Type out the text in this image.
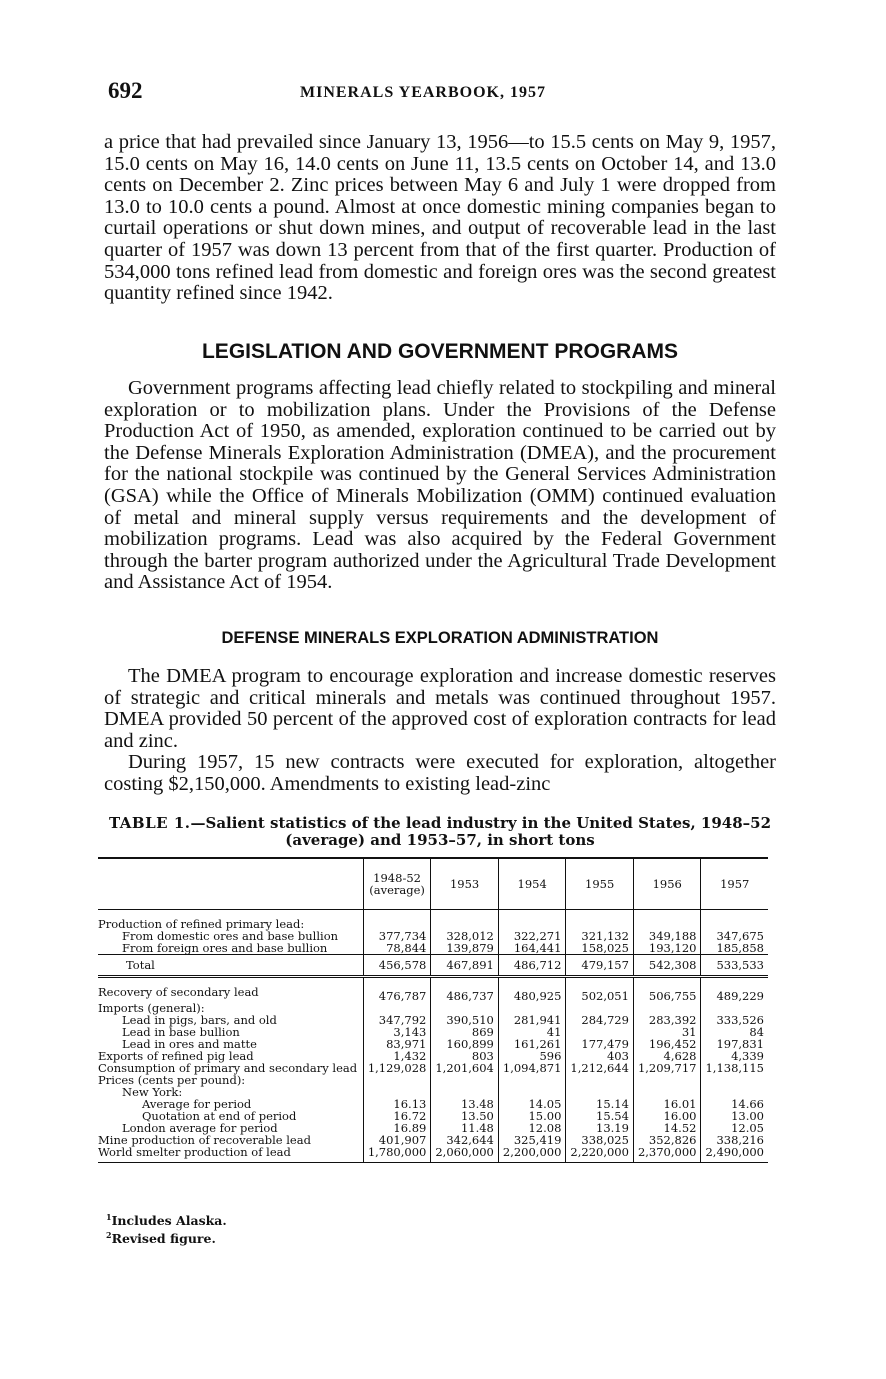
692	MINERALS YEARBOOK, 1957

a price that had prevailed since January 13, 1956—to 15.5 cents on May 9, 1957, 15.0 cents on May 16, 14.0 cents on June 11, 13.5 cents on October 14, and 13.0 cents on December 2. Zinc prices between May 6 and July 1 were dropped from 13.0 to 10.0 cents a pound. Almost at once domestic mining companies began to curtail operations or shut down mines, and output of recoverable lead in the last quarter of 1957 was down 13 percent from that of the first quarter. Production of 534,000 tons refined lead from domestic and foreign ores was the second greatest quantity refined since 1942.

LEGISLATION AND GOVERNMENT PROGRAMS

Government programs affecting lead chiefly related to stockpiling and mineral exploration or to mobilization plans. Under the Provisions of the Defense Production Act of 1950, as amended, exploration continued to be carried out by the Defense Minerals Exploration Administration (DMEA), and the procurement for the national stockpile was continued by the General Services Administration (GSA) while the Office of Minerals Mobilization (OMM) continued evaluation of metal and mineral supply versus requirements and the development of mobilization programs. Lead was also acquired by the Federal Government through the barter program authorized under the Agricultural Trade Development and Assistance Act of 1954.

DEFENSE MINERALS EXPLORATION ADMINISTRATION

The DMEA program to encourage exploration and increase domestic reserves of strategic and critical minerals and metals was continued throughout 1957. DMEA provided 50 percent of the approved cost of exploration contracts for lead and zinc.

During 1957, 15 new contracts were executed for exploration, altogether costing $2,150,000. Amendments to existing lead-zinc

TABLE 1.—Salient statistics of the lead industry in the United States, 1948–52 (average) and 1953–57, in short tons
	1948-52 (average)	1953	1954	1955	1956	1957

Production of refined primary lead:						
From domestic ores and base bullion	377,734	328,012	322,271	321,132	349,188	347,675
From foreign ores and base bullion	78,844	139,879	164,441	158,025	193,120	185,858
Total	456,578	467,891	486,712	479,157	542,308	533,533

Recovery of secondary lead	476,787	486,737	480,925	502,051	506,755	489,229
Imports (general):						
Lead in pigs, bars, and old	347,792	390,510	281,941	284,729	283,392	333,526
Lead in base bullion	3,143	869	41		31	84
Lead in ores and matte	83,971	160,899	161,261	177,479	196,452	197,831
Exports of refined pig lead	1,432	803	596	403	4,628	4,339
Consumption of primary and secondary lead	1,129,028	1,201,604	1,094,871	1,212,644	1,209,717	1,138,115
Prices (cents per pound):						
New York:						
Average for period	16.13	13.48	14.05	15.14	16.01	14.66
Quotation at end of period	16.72	13.50	15.00	15.54	16.00	13.00
London average for period	16.89	11.48	12.08	13.19	14.52	12.05
Mine production of recoverable lead	401,907	342,644	325,419	338,025	352,826	338,216
World smelter production of lead	1,780,000	2,060,000	2,200,000	2,220,000	2,370,000	2,490,000
$^1$Includes Alaska.
$^2$Revised figure.
